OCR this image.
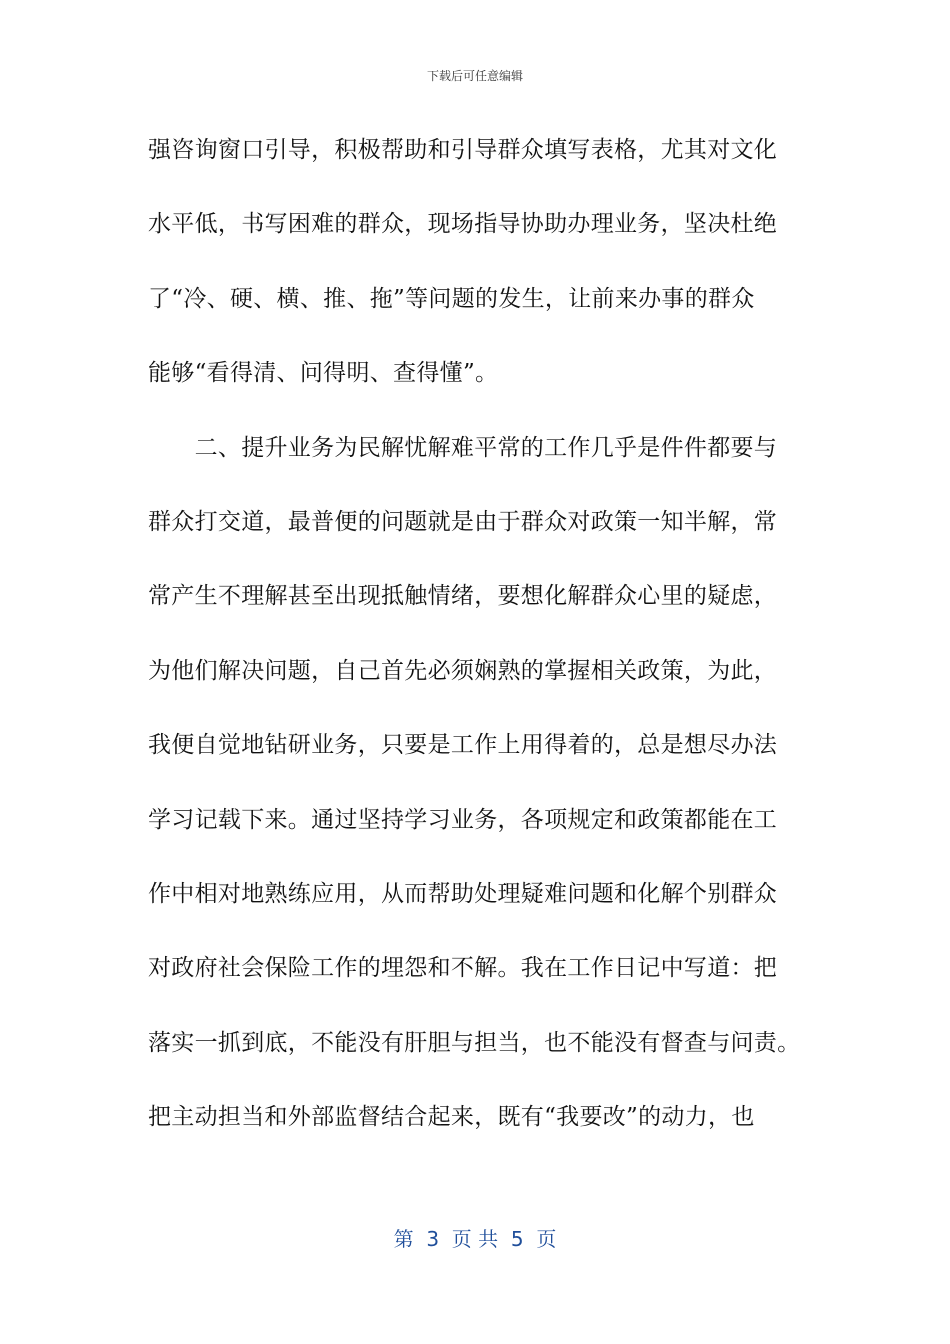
下载后可任意编辑
强咨询窗口引导，积极帮助和引导群众填写表格，尤其对文化
水平低，书写困难的群众，现场指导协助办理业务，坚决杜绝
了“冷、硬、横、推、拖”等问题的发生，让前来办事的群众
能够“看得清、问得明、查得懂”。
　　二、提升业务为民解忧解难平常的工作几乎是件件都要与
群众打交道，最普便的问题就是由于群众对政策一知半解，常
常产生不理解甚至出现抵触情绪，要想化解群众心里的疑虑，
为他们解决问题，自己首先必须娴熟的掌握相关政策，为此，
我便自觉地钻研业务，只要是工作上用得着的，总是想尽办法
学习记载下来。通过坚持学习业务，各项规定和政策都能在工
作中相对地熟练应用，从而帮助处理疑难问题和化解个别群众
对政府社会保险工作的埋怨和不解。我在工作日记中写道：把
落实一抓到底，不能没有肝胆与担当，也不能没有督查与问责。
把主动担当和外部监督结合起来，既有“我要改”的动力，也
第  3  页 共  5  页
